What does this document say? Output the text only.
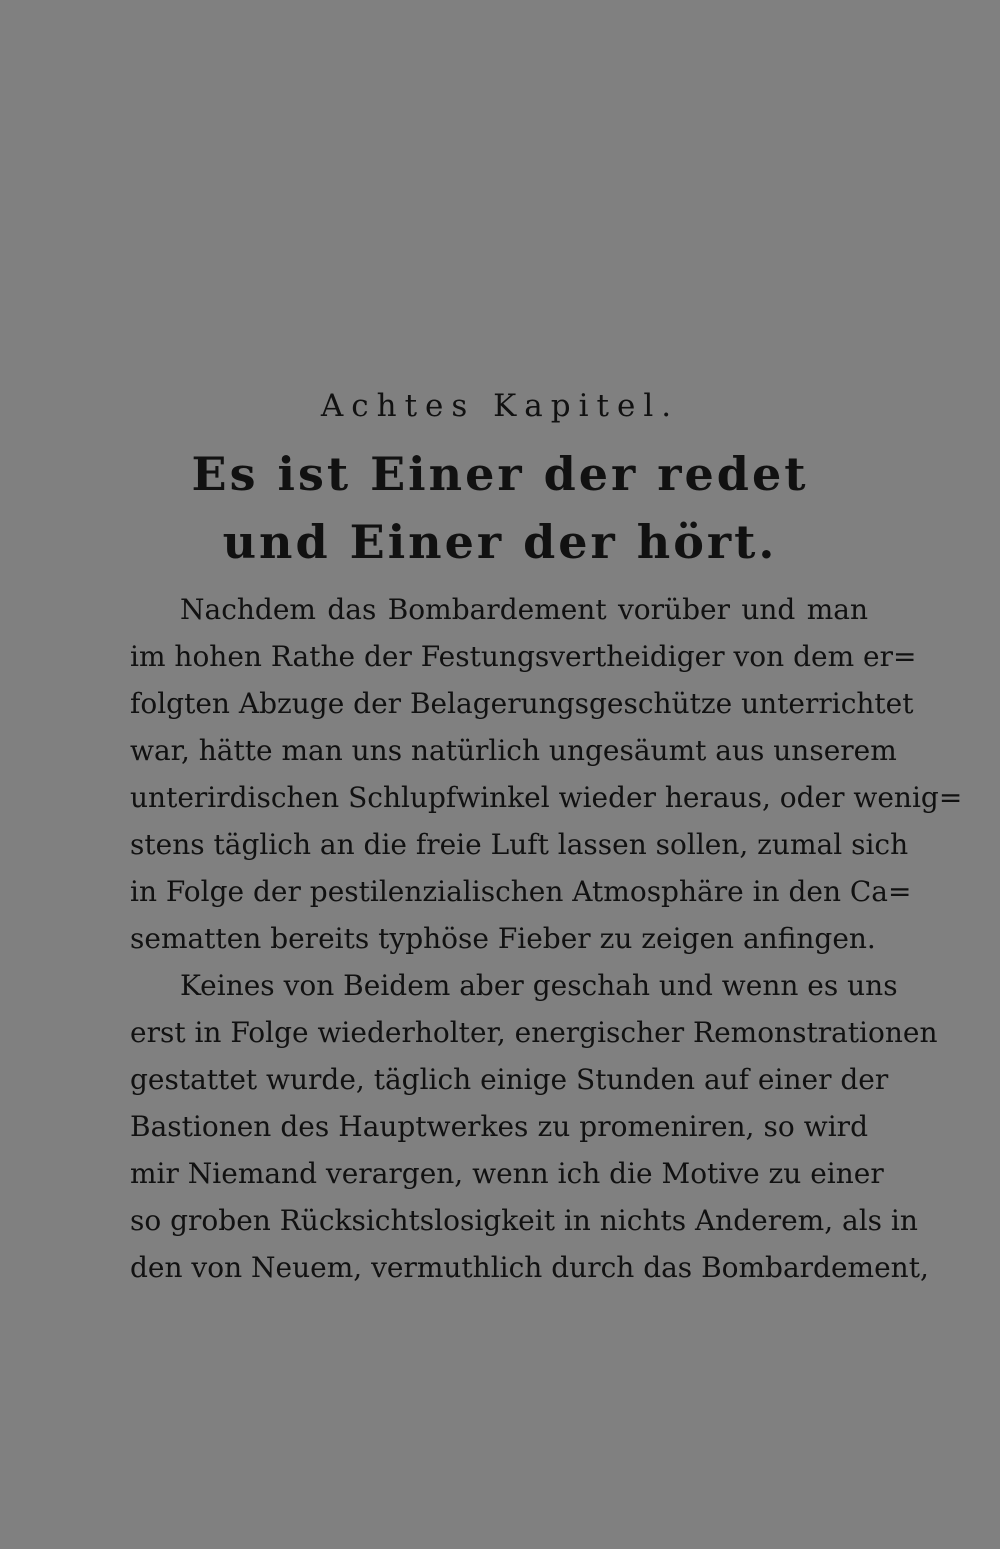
Achtes Kapitel.

Es ist Einer der redet und Einer der hört.
Nachdem das Bombardement vorüber und man
im hohen Rathe der Festungsvertheidiger von dem er=
folgten Abzuge der Belagerungsgeschütze unterrichtet
war, hätte man uns natürlich ungesäumt aus unserem
unterirdischen Schlupfwinkel wieder heraus, oder wenig=
stens täglich an die freie Luft lassen sollen, zumal sich
in Folge der pestilenzialischen Atmosphäre in den Ca=
sematten bereits typhöse Fieber zu zeigen anfingen.
Keines von Beidem aber geschah und wenn es uns
erst in Folge wiederholter, energischer Remonstrationen
gestattet wurde, täglich einige Stunden auf einer der
Bastionen des Hauptwerkes zu promeniren, so wird
mir Niemand verargen, wenn ich die Motive zu einer
so groben Rücksichtslosigkeit in nichts Anderem, als in
den von Neuem, vermuthlich durch das Bombardement,
